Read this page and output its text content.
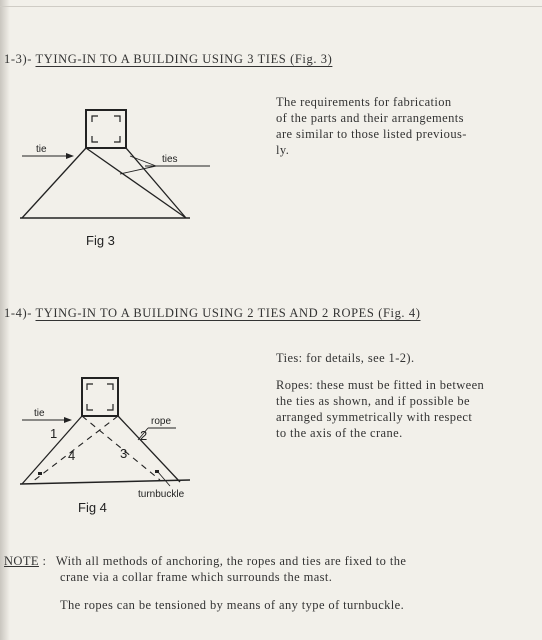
1-3)- TYING-IN TO A BUILDING USING 3 TIES (Fig. 3)
tie
ties
Fig 3

The requirements for fabrication

of the parts and their arrangements

are similar to those listed previous-

ly.

1-4)- TYING-IN TO A BUILDING USING 2 TIES AND 2 ROPES (Fig. 4)
tie
rope
turnbuckle
1	2
3
4
Fig 4

Ties: for details, see 1-2).

Ropes: these must be fitted in between

the ties as shown, and if possible be

arranged symmetrically with respect

to the axis of the crane.

NOTE : With all methods of anchoring, the ropes and ties are fixed to the
crane via a collar frame which surrounds the mast.
The ropes can be tensioned by means of any type of turnbuckle.
